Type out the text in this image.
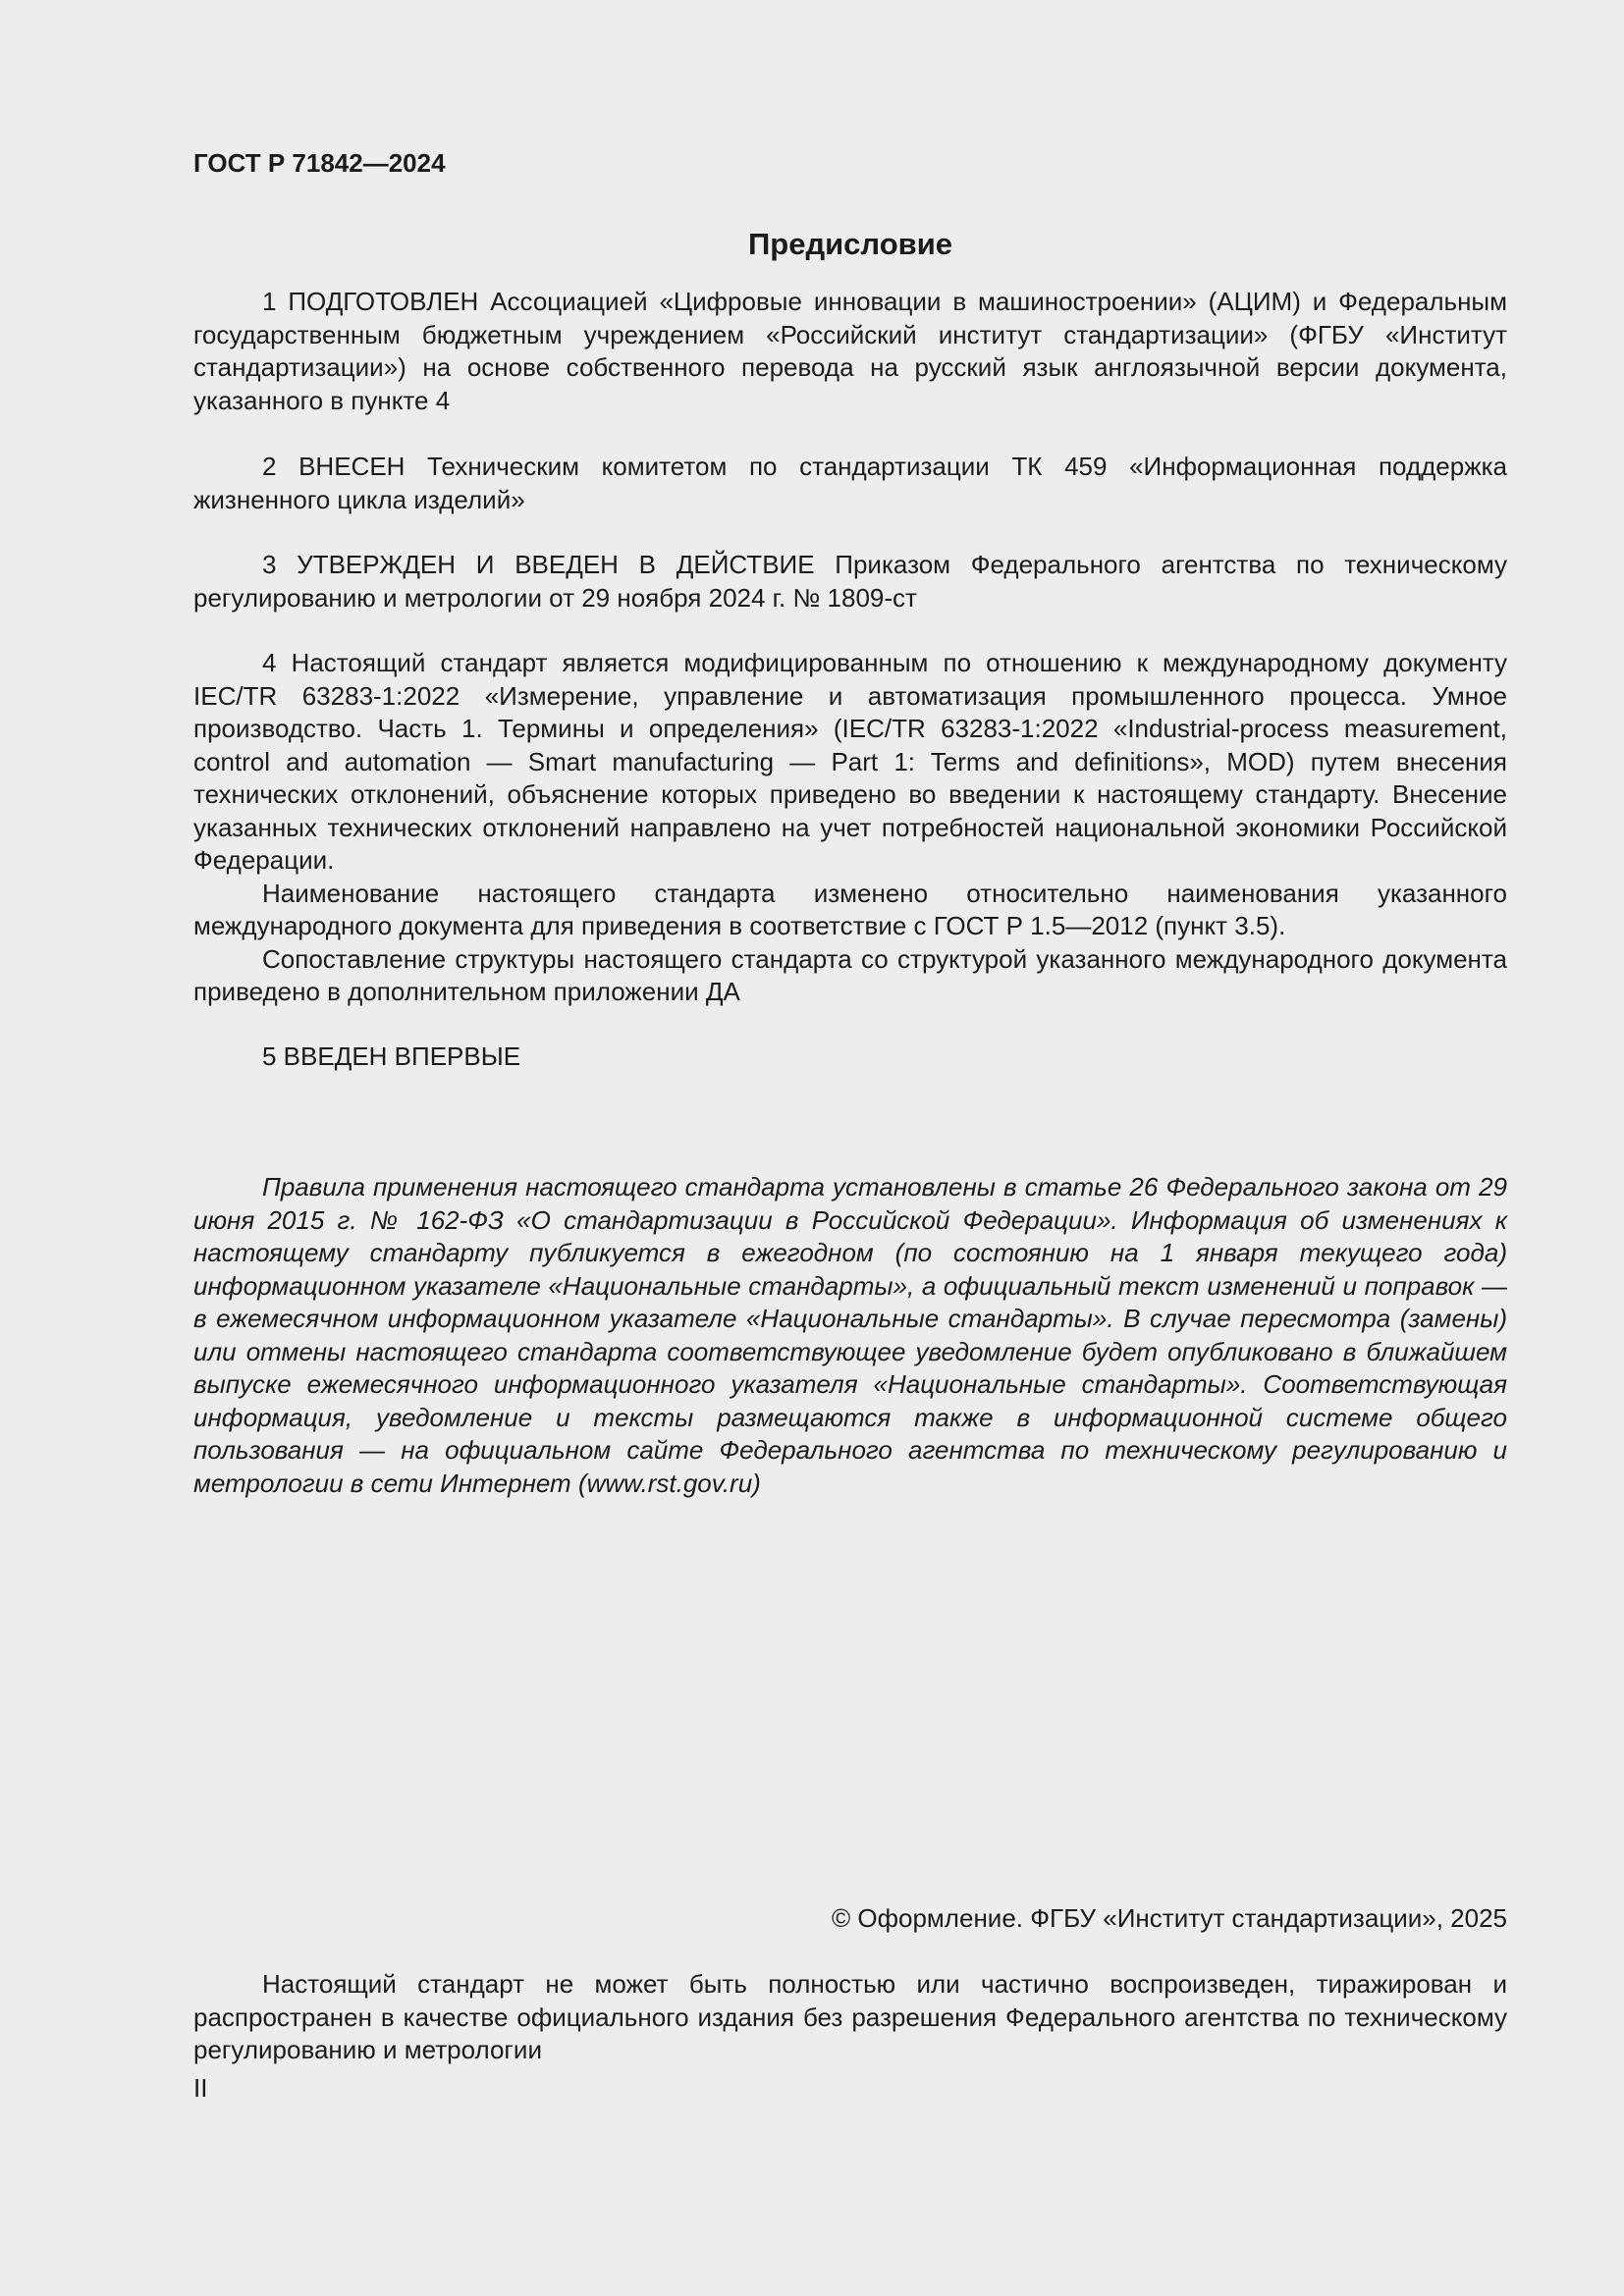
ГОСТ Р 71842—2024

Предисловие

1 ПОДГОТОВЛЕН Ассоциацией «Цифровые инновации в машиностроении» (АЦИМ) и Федеральным государственным бюджетным учреждением «Российский институт стандартизации» (ФГБУ «Институт стандартизации») на основе собственного перевода на русский язык англоязычной версии документа, указанного в пункте 4

2 ВНЕСЕН Техническим комитетом по стандартизации ТК 459 «Информационная поддержка жизненного цикла изделий»

3 УТВЕРЖДЕН И ВВЕДЕН В ДЕЙСТВИЕ Приказом Федерального агентства по техническому регулированию и метрологии от 29 ноября 2024 г. № 1809-ст

4 Настоящий стандарт является модифицированным по отношению к международному документу IEC/TR 63283-1:2022 «Измерение, управление и автоматизация промышленного процесса. Умное производство. Часть 1. Термины и определения» (IEC/TR 63283-1:2022 «Industrial-process measurement, control and automation — Smart manufacturing — Part 1: Terms and definitions», MOD) путем внесения технических отклонений, объяснение которых приведено во введении к настоящему стандарту. Внесение указанных технических отклонений направлено на учет потребностей национальной экономики Российской Федерации.

Наименование настоящего стандарта изменено относительно наименования указанного международного документа для приведения в соответствие с ГОСТ Р 1.5—2012 (пункт 3.5).

Сопоставление структуры настоящего стандарта со структурой указанного международного документа приведено в дополнительном приложении ДА

5 ВВЕДЕН ВПЕРВЫЕ

Правила применения настоящего стандарта установлены в статье 26 Федерального закона от 29 июня 2015 г. № 162-ФЗ «О стандартизации в Российской Федерации». Информация об изменениях к настоящему стандарту публикуется в ежегодном (по состоянию на 1 января текущего года) информационном указателе «Национальные стандарты», а официальный текст изменений и поправок — в ежемесячном информационном указателе «Национальные стандарты». В случае пересмотра (замены) или отмены настоящего стандарта соответствующее уведомление будет опубликовано в ближайшем выпуске ежемесячного информационного указателя «Национальные стандарты». Соответствующая информация, уведомление и тексты размещаются также в информационной системе общего пользования — на официальном сайте Федерального агентства по техническому регулированию и метрологии в сети Интернет (www.rst.gov.ru)

© Оформление. ФГБУ «Институт стандартизации», 2025

Настоящий стандарт не может быть полностью или частично воспроизведен, тиражирован и распространен в качестве официального издания без разрешения Федерального агентства по техническому регулированию и метрологии

II
